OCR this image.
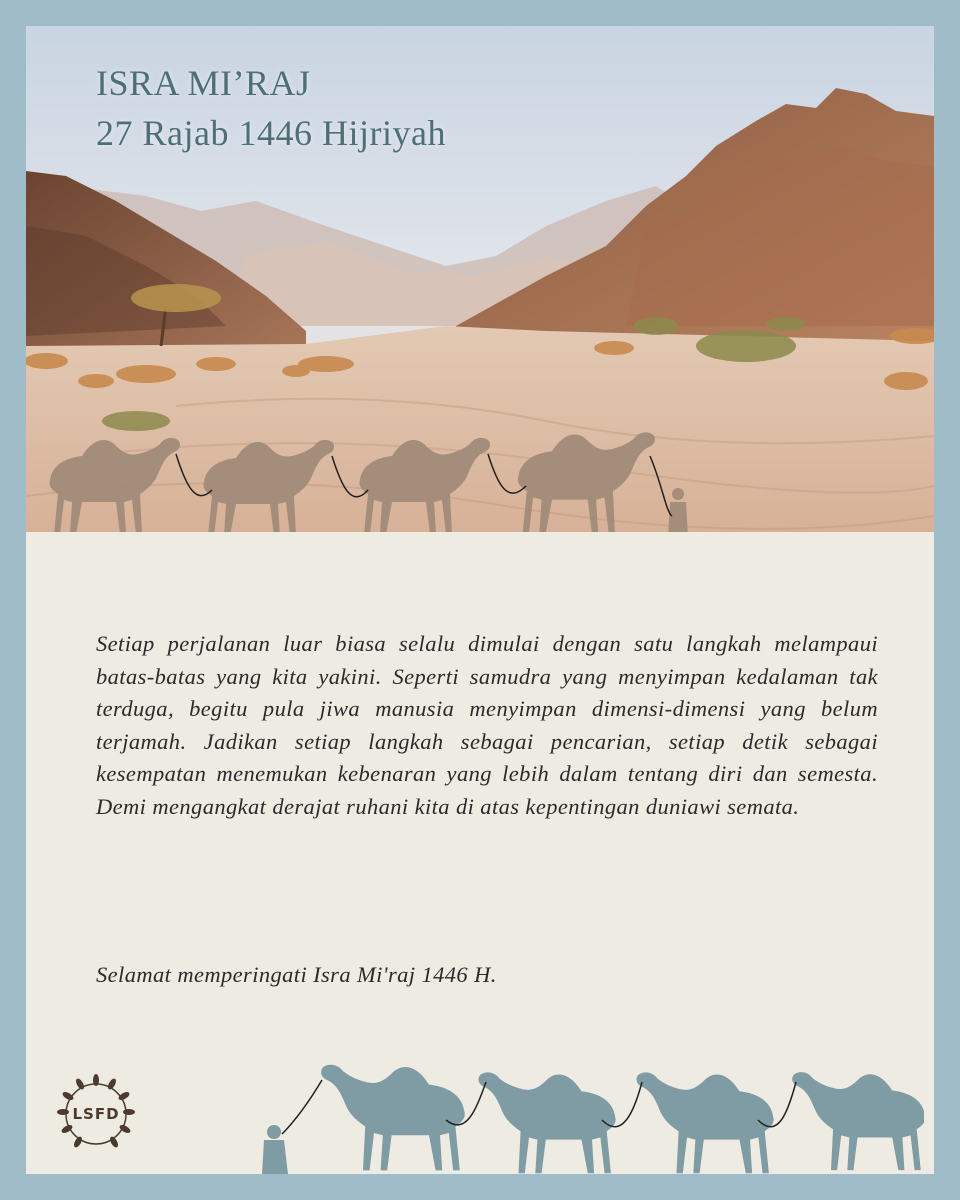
ISRA MI’RAJ
27 Rajab 1446 Hijriyah
Setiap perjalanan luar biasa selalu dimulai dengan satu langkah melampaui batas-batas yang kita yakini. Seperti samudra yang menyimpan kedalaman tak terduga, begitu pula jiwa manusia menyimpan dimensi-dimensi yang belum terjamah. Jadikan setiap langkah sebagai pencarian, setiap detik sebagai kesempatan menemukan kebenaran yang lebih dalam tentang diri dan semesta. Demi mengangkat derajat ruhani kita di atas kepentingan duniawi semata.
Selamat memperingati Isra Mi'raj 1446 H.
LSFD
